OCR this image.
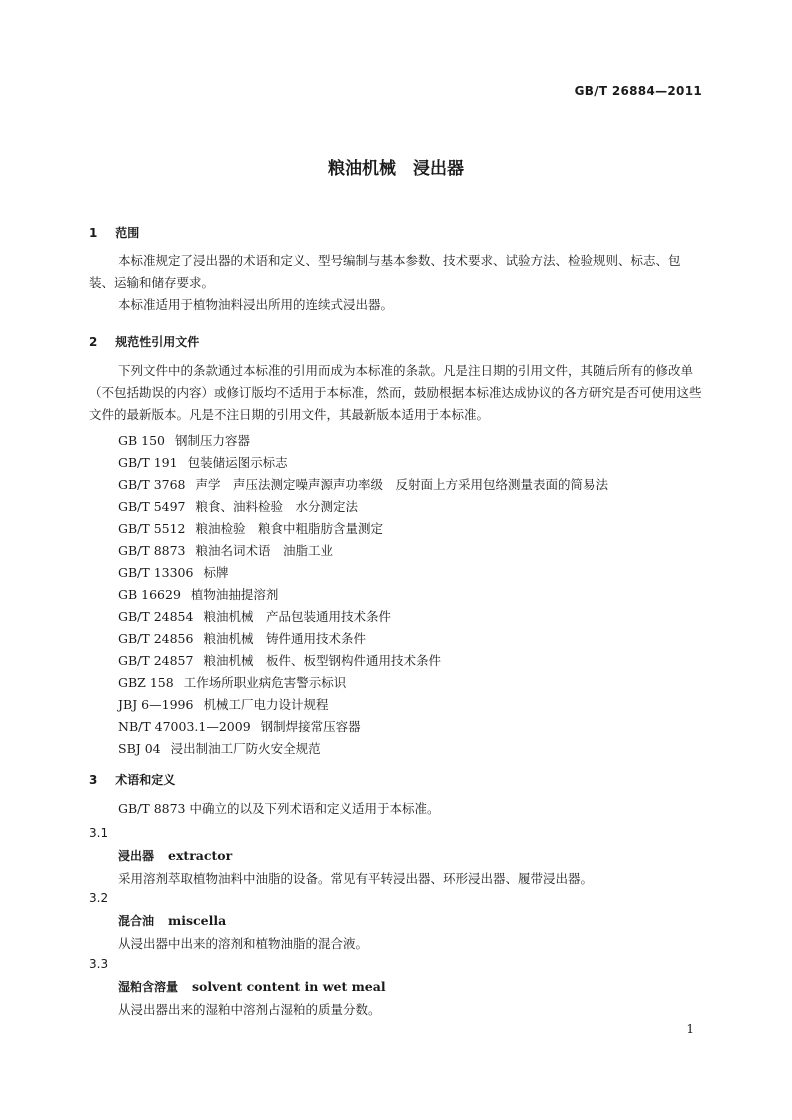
GB/T 26884—2011
粮油机械　浸出器
1 范围
本标准规定了浸出器的术语和定义、型号编制与基本参数、技术要求、试验方法、检验规则、标志、包装、运输和储存要求。
本标准适用于植物油料浸出所用的连续式浸出器。
2 规范性引用文件
下列文件中的条款通过本标准的引用而成为本标准的条款。凡是注日期的引用文件，其随后所有的修改单（不包括勘误的内容）或修订版均不适用于本标准，然而，鼓励根据本标准达成协议的各方研究是否可使用这些文件的最新版本。凡是不注日期的引用文件，其最新版本适用于本标准。
GB 150 钢制压力容器
GB/T 191 包装储运图示标志
GB/T 3768 声学　声压法测定噪声源声功率级　反射面上方采用包络测量表面的简易法
GB/T 5497 粮食、油料检验　水分测定法
GB/T 5512 粮油检验　粮食中粗脂肪含量测定
GB/T 8873 粮油名词术语　油脂工业
GB/T 13306 标牌
GB 16629 植物油抽提溶剂
GB/T 24854 粮油机械　产品包装通用技术条件
GB/T 24856 粮油机械　铸件通用技术条件
GB/T 24857 粮油机械　板件、板型钢构件通用技术条件
GBZ 158 工作场所职业病危害警示标识
JBJ 6—1996 机械工厂电力设计规程
NB/T 47003.1—2009 钢制焊接常压容器
SBJ 04 浸出制油工厂防火安全规范
3 术语和定义
GB/T 8873 中确立的以及下列术语和定义适用于本标准。
3.1
浸出器 extractor
采用溶剂萃取植物油料中油脂的设备。常见有平转浸出器、环形浸出器、履带浸出器。
3.2
混合油 miscella
从浸出器中出来的溶剂和植物油脂的混合液。
3.3
湿粕含溶量 solvent content in wet meal
从浸出器出来的湿粕中溶剂占湿粕的质量分数。
1
